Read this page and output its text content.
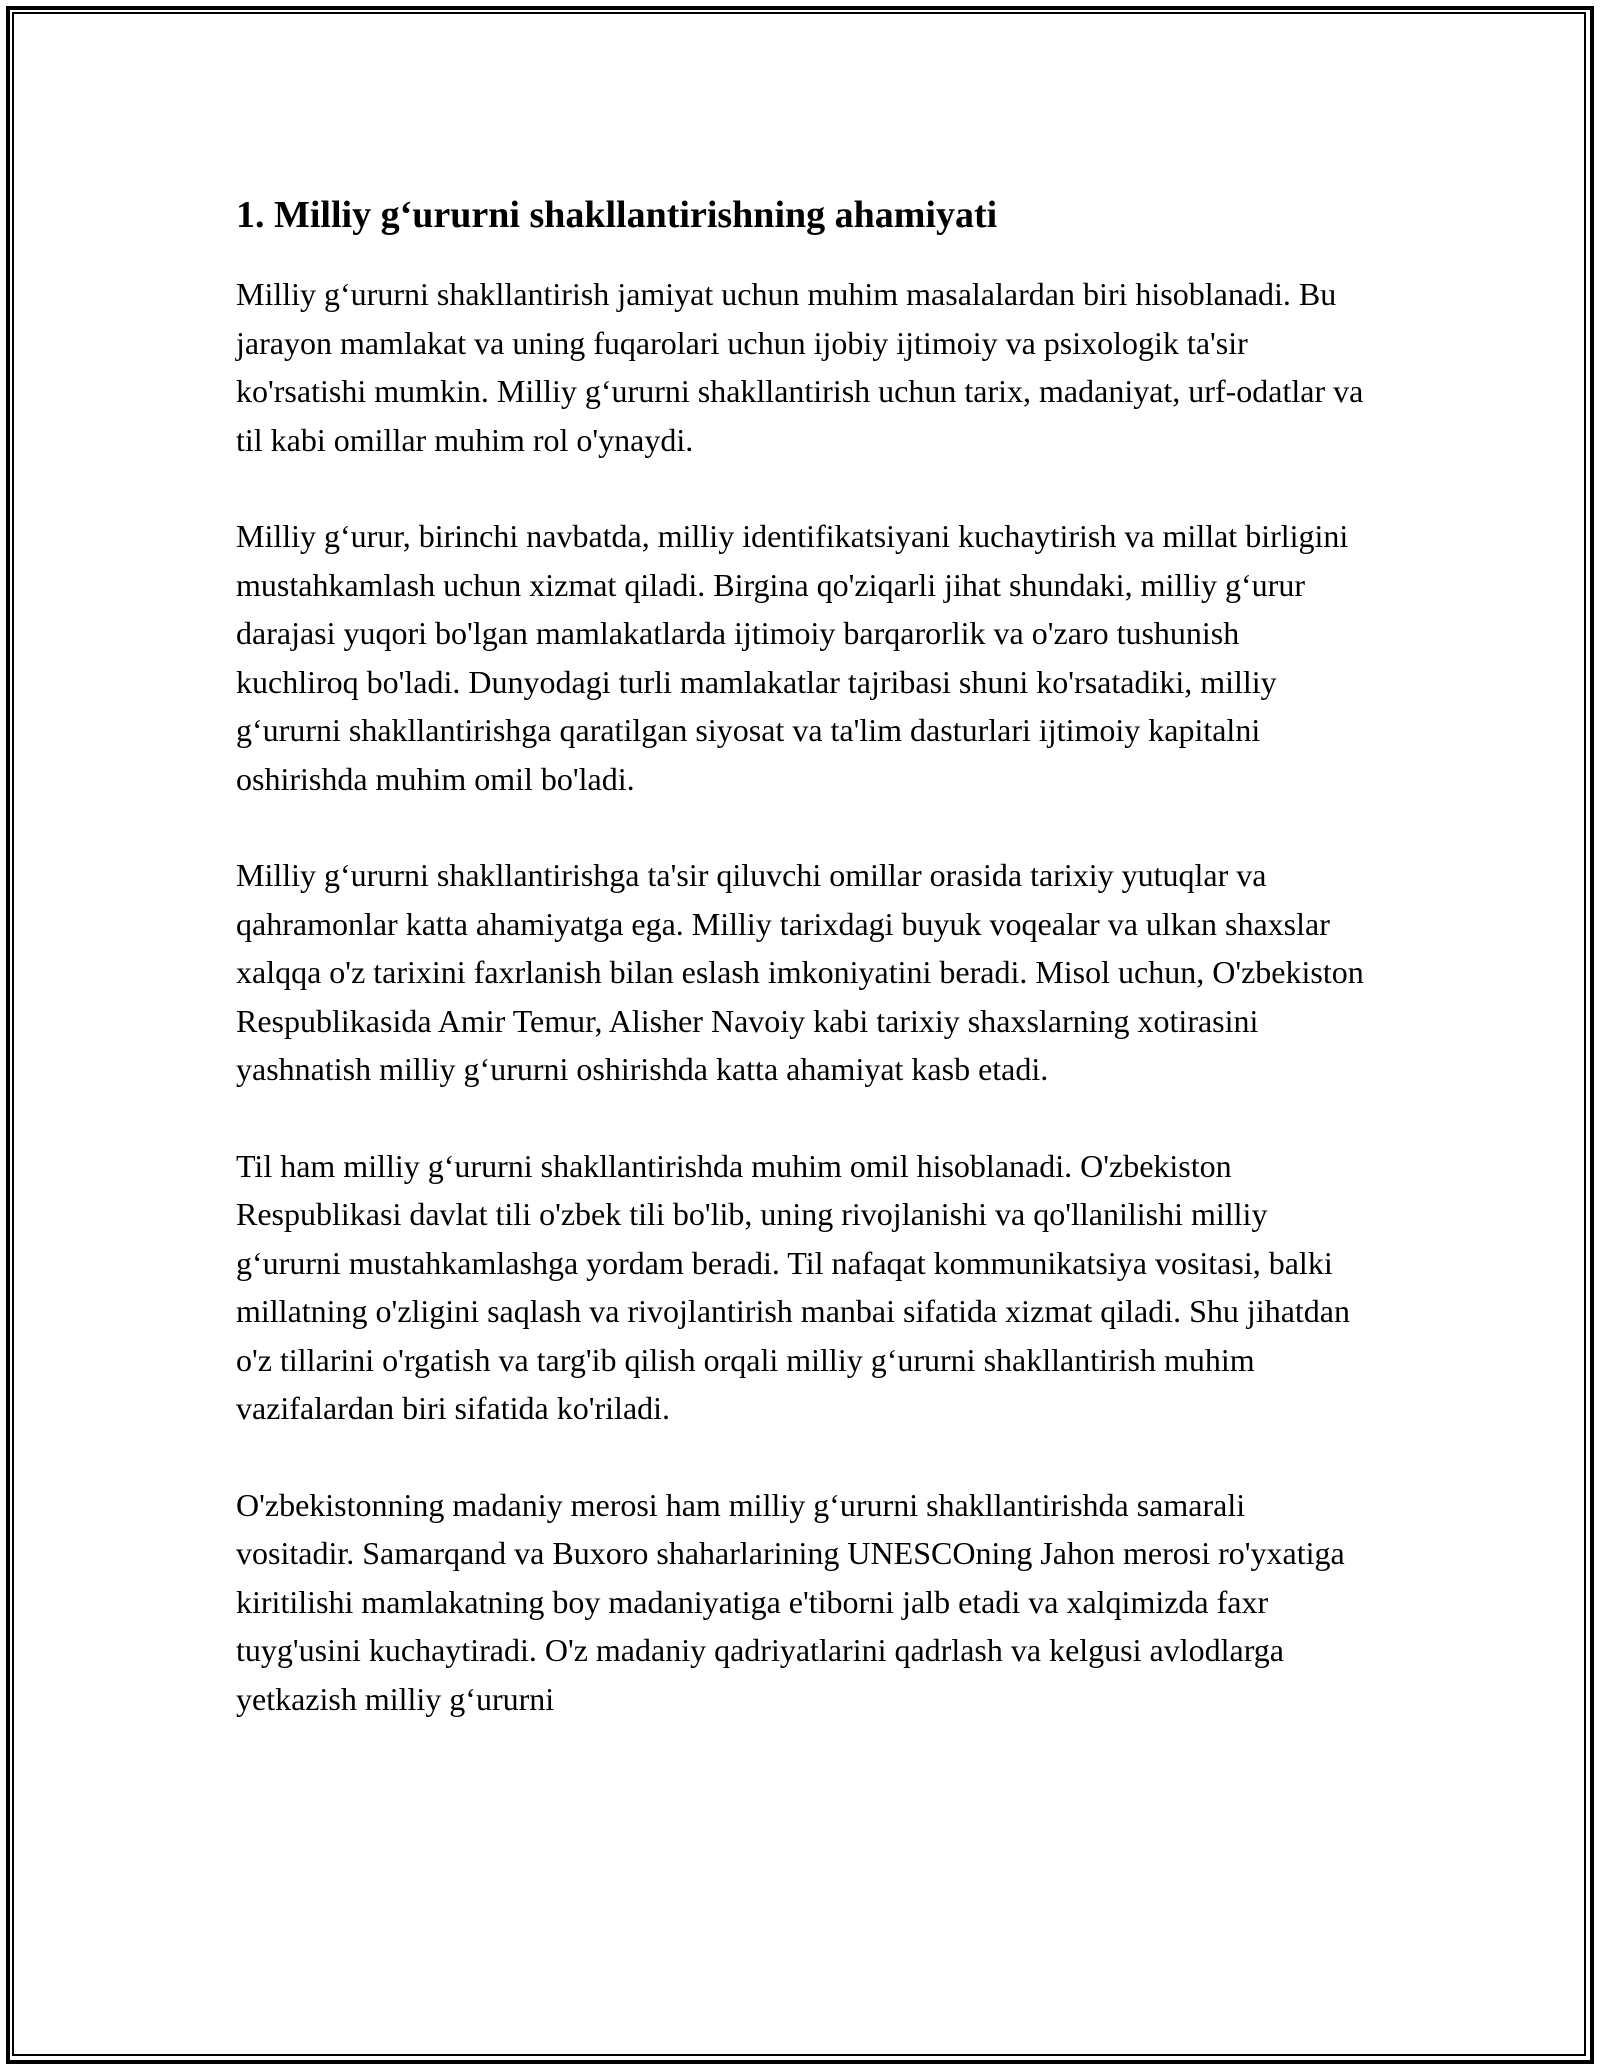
1. Milliy g‘ururni shakllantirishning ahamiyati

Milliy g‘ururni shakllantirish jamiyat uchun muhim masalalardan biri hisoblanadi. Bu jarayon mamlakat va uning fuqarolari uchun ijobiy ijtimoiy va psixologik ta'sir ko'rsatishi mumkin. Milliy g‘ururni shakllantirish uchun tarix, madaniyat, urf-odatlar va til kabi omillar muhim rol o'ynaydi.

Milliy g‘urur, birinchi navbatda, milliy identifikatsiyani kuchaytirish va millat birligini mustahkamlash uchun xizmat qiladi. Birgina qo'ziqarli jihat shundaki, milliy g‘urur darajasi yuqori bo'lgan mamlakatlarda ijtimoiy barqarorlik va o'zaro tushunish kuchliroq bo'ladi. Dunyodagi turli mamlakatlar tajribasi shuni ko'rsatadiki, milliy g‘ururni shakllantirishga qaratilgan siyosat va ta'lim dasturlari ijtimoiy kapitalni oshirishda muhim omil bo'ladi.

Milliy g‘ururni shakllantirishga ta'sir qiluvchi omillar orasida tarixiy yutuqlar va qahramonlar katta ahamiyatga ega. Milliy tarixdagi buyuk voqealar va ulkan shaxslar xalqqa o'z tarixini faxrlanish bilan eslash imkoniyatini beradi. Misol uchun, O'zbekiston Respublikasida Amir Temur, Alisher Navoiy kabi tarixiy shaxslarning xotirasini yashnatish milliy g‘ururni oshirishda katta ahamiyat kasb etadi.

Til ham milliy g‘ururni shakllantirishda muhim omil hisoblanadi. O'zbekiston Respublikasi davlat tili o'zbek tili bo'lib, uning rivojlanishi va qo'llanilishi milliy g‘ururni mustahkamlashga yordam beradi. Til nafaqat kommunikatsiya vositasi, balki millatning o'zligini saqlash va rivojlantirish manbai sifatida xizmat qiladi. Shu jihatdan o'z tillarini o'rgatish va targ'ib qilish orqali milliy g‘ururni shakllantirish muhim vazifalardan biri sifatida ko'riladi.

O'zbekistonning madaniy merosi ham milliy g‘ururni shakllantirishda samarali vositadir. Samarqand va Buxoro shaharlarining UNESCOning Jahon merosi ro'yxatiga kiritilishi mamlakatning boy madaniyatiga e'tiborni jalb etadi va xalqimizda faxr tuyg'usini kuchaytiradi. O'z madaniy qadriyatlarini qadrlash va kelgusi avlodlarga yetkazish milliy g‘ururni
